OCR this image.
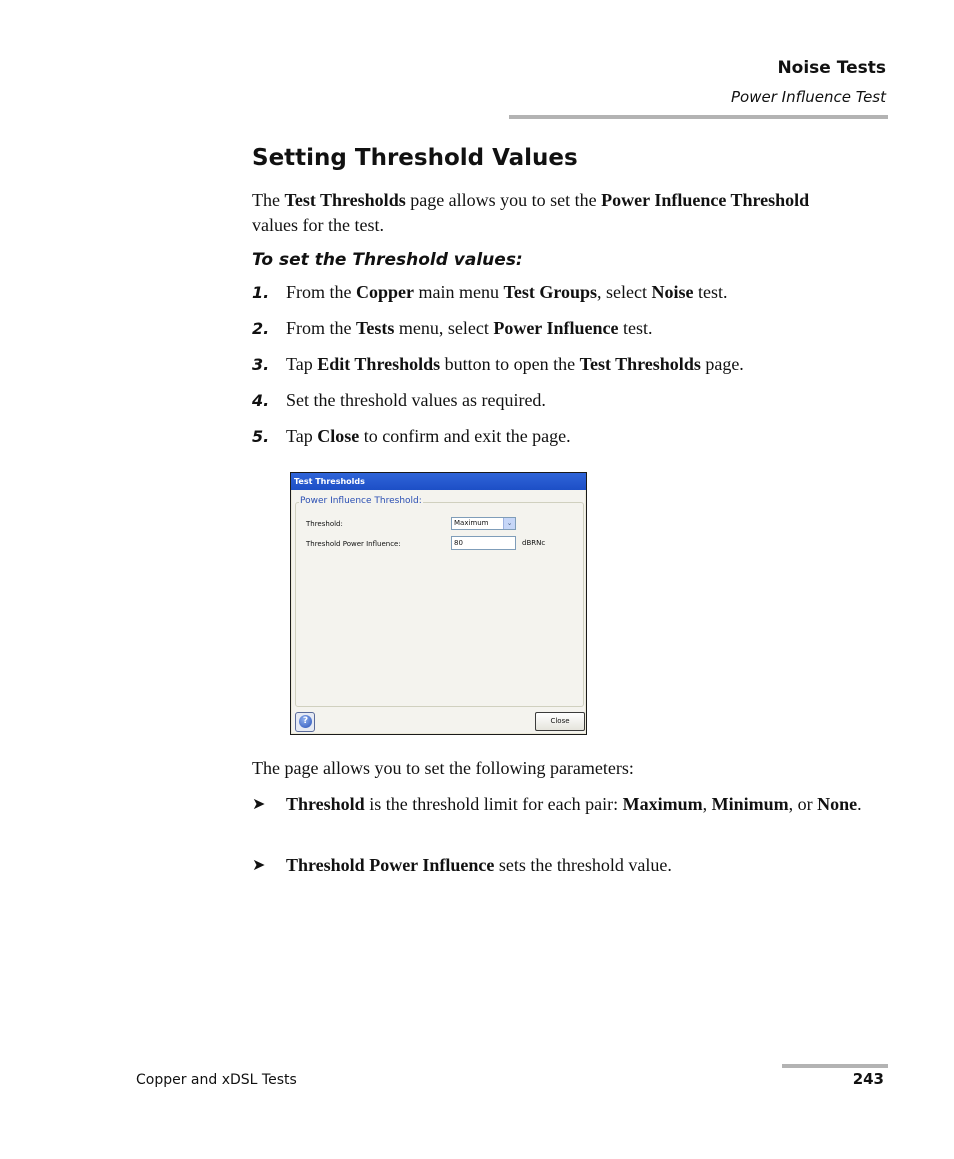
Noise Tests
Power Influence Test
Setting Threshold Values
The Test Thresholds page allows you to set the Power Influence Threshold values for the test.
To set the Threshold values:
1. From the Copper main menu Test Groups, select Noise test.
2. From the Tests menu, select Power Influence test.
3. Tap Edit Thresholds button to open the Test Thresholds page.
4. Set the threshold values as required.
5. Tap Close to confirm and exit the page.
Test Thresholds
Power Influence Threshold:
Threshold:	Maximum	⌄
Threshold Power Influence:	80	dBRNc
?	Close
The page allows you to set the following parameters:
➤ Threshold is the threshold limit for each pair: Maximum, Minimum, or None.
➤ Threshold Power Influence sets the threshold value.
Copper and xDSL Tests	243
